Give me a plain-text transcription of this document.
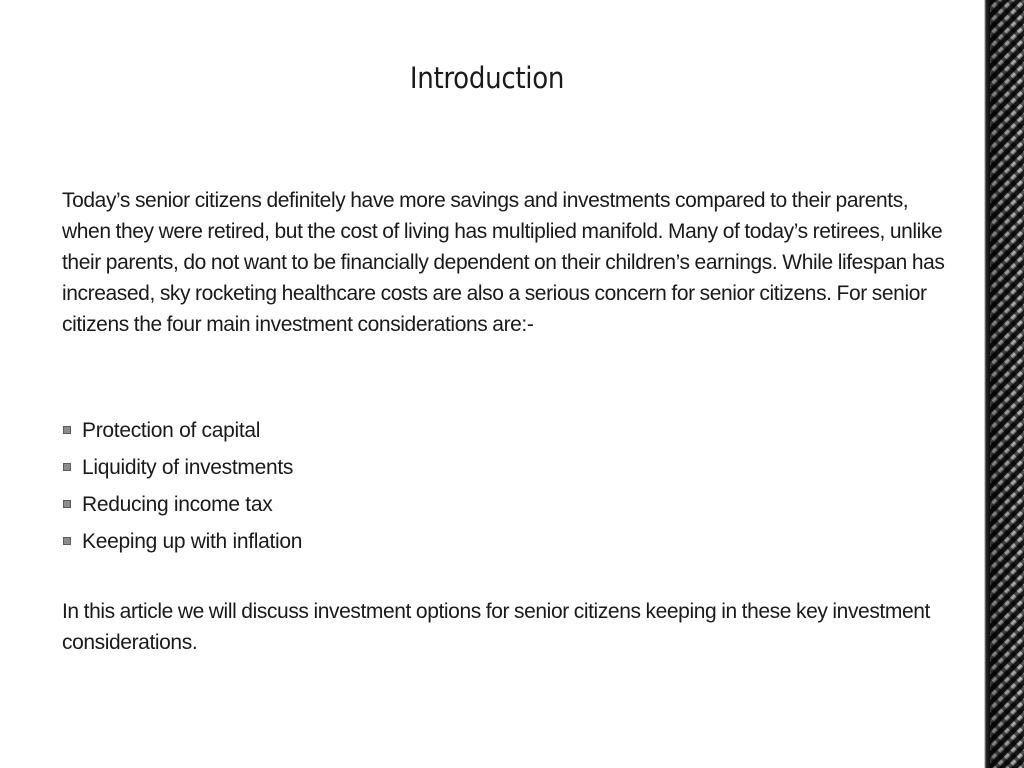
Introduction

Today’s senior citizens definitely have more savings and investments compared to their parents, when they were retired, but the cost of living has multiplied manifold. Many of today’s retirees, unlike their parents, do not want to be financially dependent on their children’s earnings. While lifespan has increased, sky rocketing healthcare costs are also a serious concern for senior citizens. For senior citizens the four main investment considerations are:-

Protection of capital
Liquidity of investments
Reducing income tax
Keeping up with inflation

In this article we will discuss investment options for senior citizens keeping in these key investment considerations.
